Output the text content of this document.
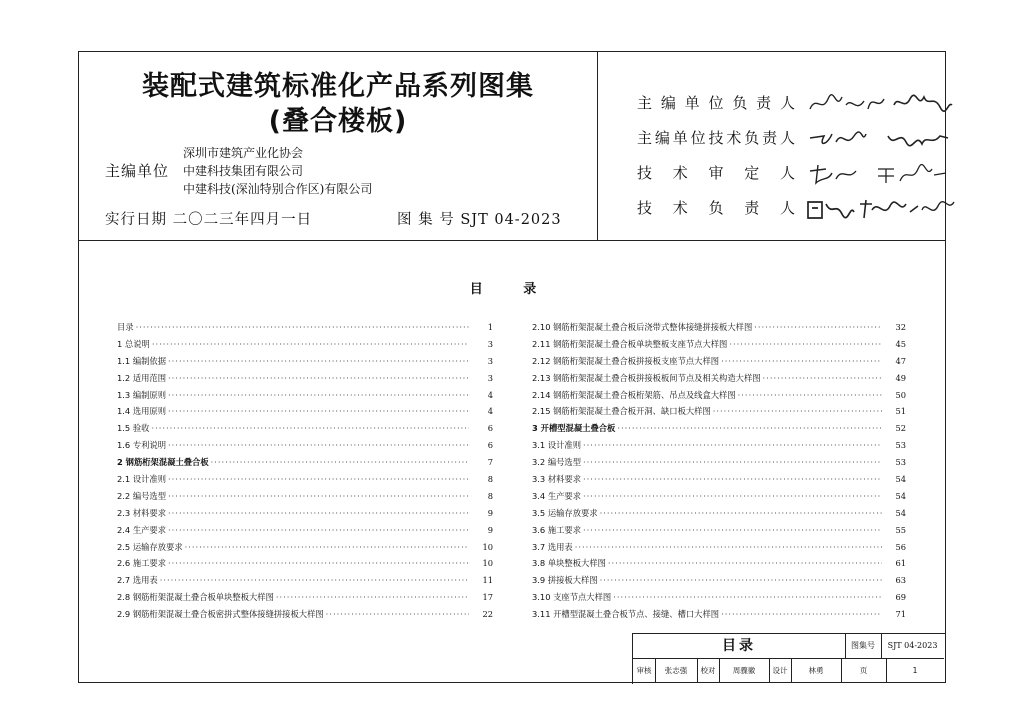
装配式建筑标准化产品系列图集
(叠合楼板)
主编单位
深圳市建筑产业化协会
中建科技集团有限公司
中建科技(深汕特别合作区)有限公司
实行日期 二〇二三年四月一日	图 集 号 SJT 04-2023
主编单位负责人
主编单位技术负责人
技术审定人
技术负责人
目 录
目录 ·····	1
1 总说明 ·····	3
1.1 编制依据 ·····	3
1.2 适用范围 ·····	3
1.3 编制原则 ·····	4
1.4 选用原则 ·····	4
1.5 验收 ·····	6
1.6 专利说明 ·····	6
2 钢筋桁架混凝土叠合板 ·····	7
2.1 设计准则 ·····	8
2.2 编号选型 ·····	8
2.3 材料要求 ·····	9
2.4 生产要求 ·····	9
2.5 运输存放要求 ·····	10
2.6 施工要求 ·····	10
2.7 选用表 ·····	11
2.8 钢筋桁架混凝土叠合板单块整板大样图 ·····	17
2.9 钢筋桁架混凝土叠合板密拼式整体接缝拼接板大样图 ·····	22
2.10 钢筋桁架混凝土叠合板后浇带式整体接缝拼接板大样图 ·····	32
2.11 钢筋桁架混凝土叠合板单块整板支座节点大样图 ·····	45
2.12 钢筋桁架混凝土叠合板拼接板支座节点大样图 ·····	47
2.13 钢筋桁架混凝土叠合板拼接板板间节点及相关构造大样图 ·····	49
2.14 钢筋桁架混凝土叠合板桁架筋、吊点及线盒大样图 ·····	50
2.15 钢筋桁架混凝土叠合板开洞、缺口板大样图 ·····	51
3 开槽型混凝土叠合板 ·····	52
3.1 设计准则 ·····	53
3.2 编号选型 ·····	53
3.3 材料要求 ·····	54
3.4 生产要求 ·····	54
3.5 运输存放要求 ·····	54
3.6 施工要求 ·····	55
3.7 选用表 ·····	56
3.8 单块整板大样图 ·····	61
3.9 拼接板大样图 ·····	63
3.10 支座节点大样图 ·····	69
3.11 开槽型混凝土叠合板节点、接缝、槽口大样图 ·····	71
目录	图集号	SJT 04-2023
审核	张志强	校对	周骤徽	设计	林勇	页	1
